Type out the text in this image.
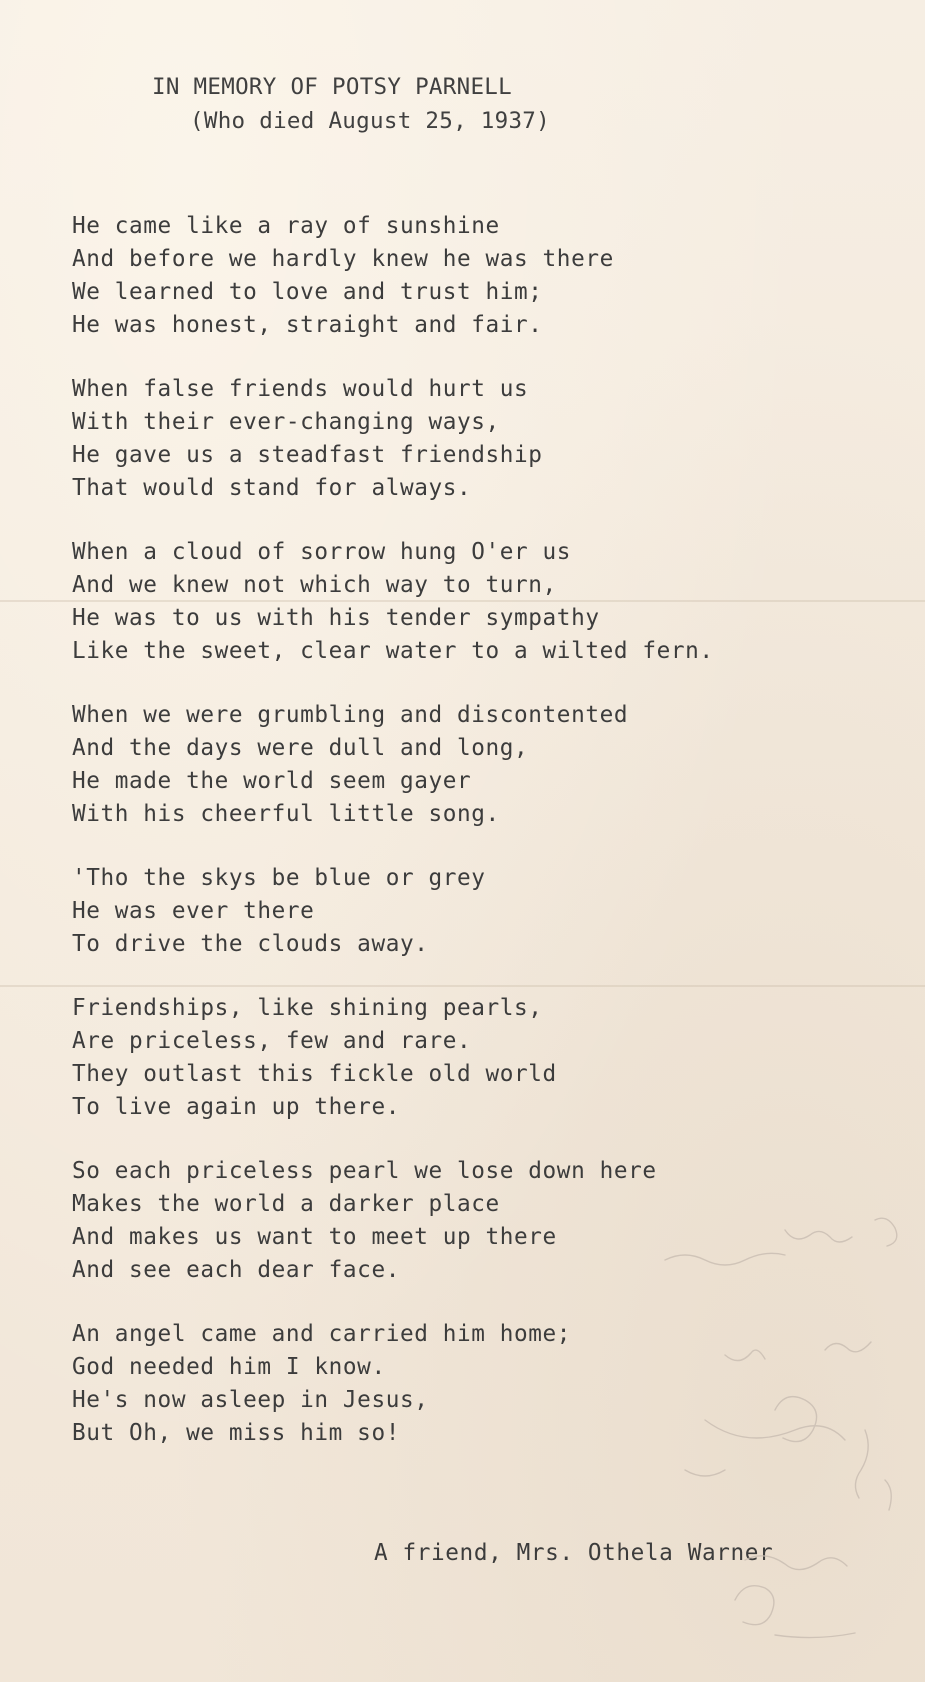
IN MEMORY OF POTSY PARNELL
(Who died August 25, 1937)
He came like a ray of sunshine
And before we hardly knew he was there
We learned to love and trust him;
He was honest, straight and fair.
When false friends would hurt us
With their ever-changing ways,
He gave us a steadfast friendship
That would stand for always.
When a cloud of sorrow hung O'er us
And we knew not which way to turn,
He was to us with his tender sympathy
Like the sweet, clear water to a wilted fern.
When we were grumbling and discontented
And the days were dull and long,
He made the world seem gayer
With his cheerful little song.
'Tho the skys be blue or grey
He was ever there
To drive the clouds away.
Friendships, like shining pearls,
Are priceless, few and rare.
They outlast this fickle old world
To live again up there.
So each priceless pearl we lose down here
Makes the world a darker place
And makes us want to meet up there
And see each dear face.
An angel came and carried him home;
God needed him I know.
He's now asleep in Jesus,
But Oh, we miss him so!
A friend, Mrs. Othela Warner
